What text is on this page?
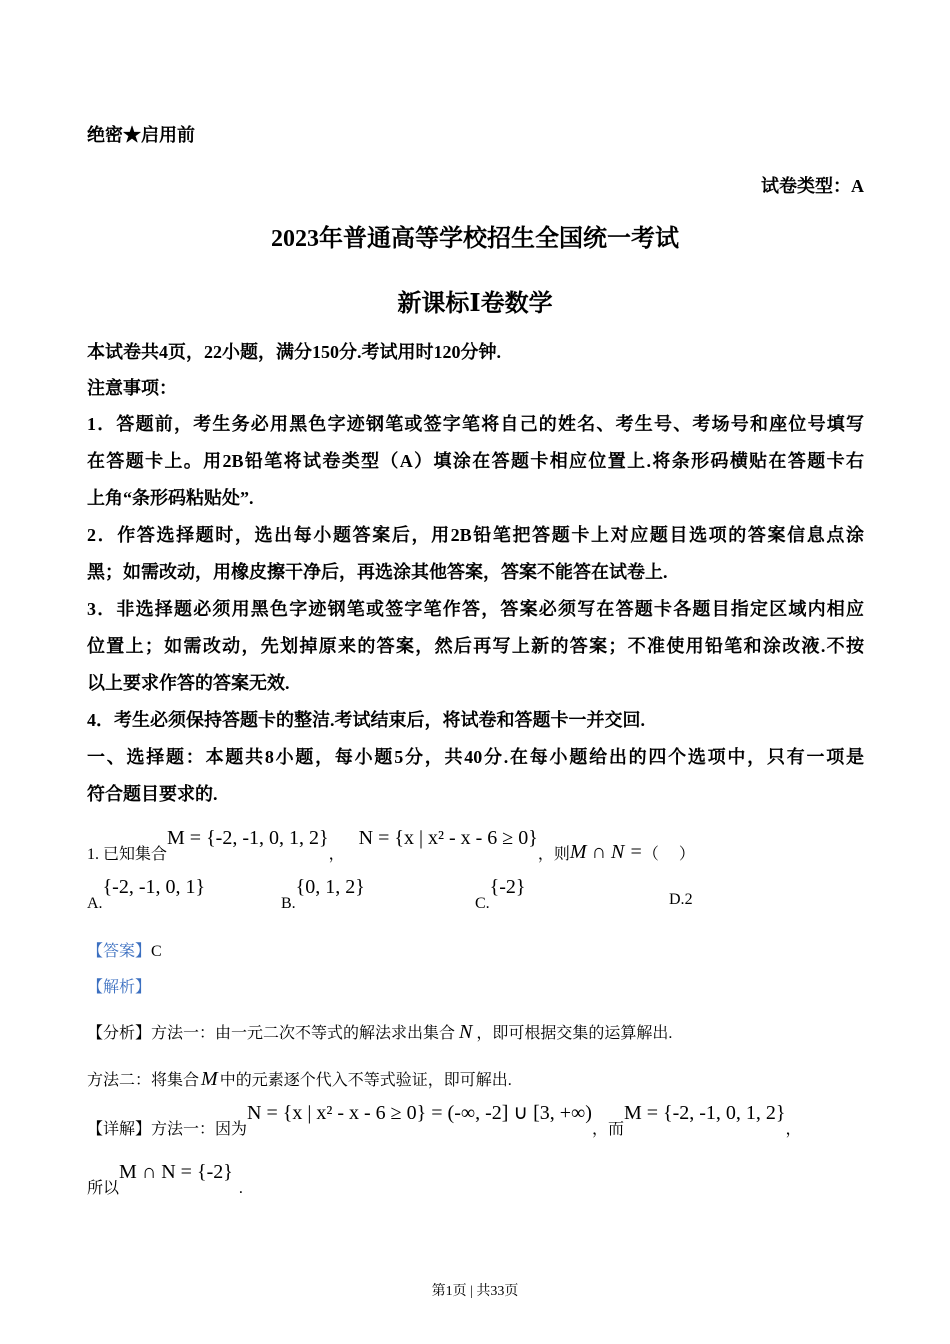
绝密★启用前
试卷类型：A
2023年普通高等学校招生全国统一考试
新课标Ⅰ卷数学
本试卷共4页，22小题，满分150分.考试用时120分钟.
注意事项：
1．答题前，考生务必用黑色字迹钢笔或签字笔将自己的姓名、考生号、考场号和座位号填写
在答题卡上。用2B铅笔将试卷类型（A）填涂在答题卡相应位置上.将条形码横贴在答题卡右
上角“条形码粘贴处”.
2．作答选择题时，选出每小题答案后，用2B铅笔把答题卡上对应题目选项的答案信息点涂
黑；如需改动，用橡皮擦干净后，再选涂其他答案，答案不能答在试卷上.
3．非选择题必须用黑色字迹钢笔或签字笔作答，答案必须写在答题卡各题目指定区域内相应
位置上；如需改动，先划掉原来的答案，然后再写上新的答案；不准使用铅笔和涂改液.不按
以上要求作答的答案无效.
4．考生必须保持答题卡的整洁.考试结束后，将试卷和答题卡一并交回.
一、选择题：本题共8小题，每小题5分，共40分.在每小题给出的四个选项中，只有一项是
符合题目要求的.
1. 已知集合M = {-2, -1, 0, 1, 2}，N = {x | x² - x - 6 ≥ 0}，则M ∩ N =（　 ）
A.{-2, -1, 0, 1}
B.{0, 1, 2}
C.{-2}
D.2
【答案】C
【解析】
【分析】方法一：由一元二次不等式的解法求出集合 N ，即可根据交集的运算解出.
方法二：将集合 M 中的元素逐个代入不等式验证，即可解出.
【详解】方法一：因为N = {x | x² - x - 6 ≥ 0} = (-∞, -2] ∪ [3, +∞)，而M = {-2, -1, 0, 1, 2}，
所以M ∩ N = {-2}.
第1页 | 共33页
